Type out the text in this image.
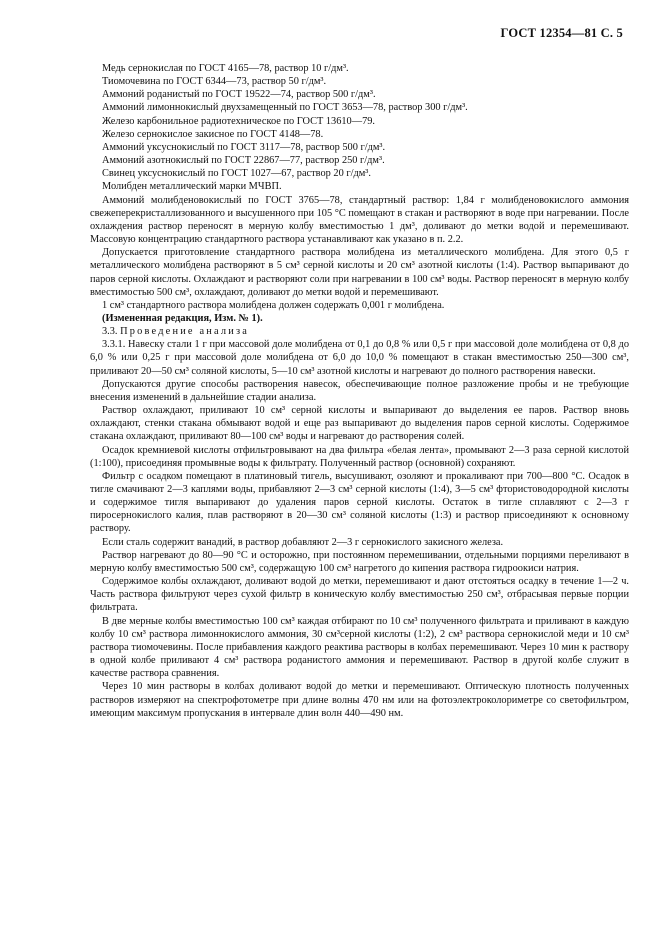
ГОСТ 12354—81 С. 5

Медь сернокислая по ГОСТ 4165—78, раствор 10 г/дм³.

Тиомочевина по ГОСТ 6344—73, раствор 50 г/дм³.

Аммоний роданистый по ГОСТ 19522—74, раствор 500 г/дм³.

Аммоний лимоннокислый двухзамещенный по ГОСТ 3653—78, раствор 300 г/дм³.

Железо карбонильное радиотехническое по ГОСТ 13610—79.

Железо сернокислое закисное по ГОСТ 4148—78.

Аммоний уксуснокислый по ГОСТ 3117—78, раствор 500 г/дм³.

Аммоний азотнокислый по ГОСТ 22867—77, раствор 250 г/дм³.

Свинец уксуснокислый по ГОСТ 1027—67, раствор 20 г/дм³.

Молибден металлический марки МЧВП.

Аммоний молибденовокислый по ГОСТ 3765—78, стандартный раствор: 1,84 г молибденовокислого аммония свежеперекристаллизованного и высушенного при 105 °С помещают в стакан и растворяют в воде при нагревании. После охлаждения раствор переносят в мерную колбу вместимостью 1 дм³, доливают до метки водой и перемешивают. Массовую концентрацию стандартного раствора устанавливают как указано в п. 2.2.

Допускается приготовление стандартного раствора молибдена из металлического молибдена. Для этого 0,5 г металлического молибдена растворяют в 5 см³ серной кислоты и 20 см³ азотной кислоты (1:4). Раствор выпаривают до паров серной кислоты. Охлаждают и растворяют соли при нагревании в 100 см³ воды. Раствор переносят в мерную колбу вместимостью 500 см³, охлаждают, доливают до метки водой и перемешивают.

1 см³ стандартного раствора молибдена должен содержать 0,001 г молибдена.

(Измененная редакция, Изм. № 1).

3.3. Проведение анализа

3.3.1. Навеску стали 1 г при массовой доле молибдена от 0,1 до 0,8 % или 0,5 г при массовой доле молибдена от 0,8 до 6,0 % или 0,25 г при массовой доле молибдена от 6,0 до 10,0 % помещают в стакан вместимостью 250—300 см³, приливают 20—50 см³ соляной кислоты, 5—10 см³ азотной кислоты и нагревают до полного растворения навески.

Допускаются другие способы растворения навесок, обеспечивающие полное разложение пробы и не требующие внесения изменений в дальнейшие стадии анализа.

Раствор охлаждают, приливают 10 см³ серной кислоты и выпаривают до выделения ее паров. Раствор вновь охлаждают, стенки стакана обмывают водой и еще раз выпаривают до выделения паров серной кислоты. Содержимое стакана охлаждают, приливают 80—100 см³ воды и нагревают до растворения солей.

Осадок кремниевой кислоты отфильтровывают на два фильтра «белая лента», промывают 2—3 раза серной кислотой (1:100), присоединяя промывные воды к фильтрату. Полученный раствор (основной) сохраняют.

Фильтр с осадком помещают в платиновый тигель, высушивают, озоляют и прокаливают при 700—800 °С. Осадок в тигле смачивают 2—3 каплями воды, прибавляют 2—3 см³ серной кислоты (1:4), 3—5 см³ фтористоводородной кислоты и содержимое тигля выпаривают до удаления паров серной кислоты. Остаток в тигле сплавляют с 2—3 г пиросернокислого калия, плав растворяют в 20—30 см³ соляной кислоты (1:3) и раствор присоединяют к основному раствору.

Если сталь содержит ванадий, в раствор добавляют 2—3 г сернокислого закисного железа.

Раствор нагревают до 80—90 °С и осторожно, при постоянном перемешивании, отдельными порциями переливают в мерную колбу вместимостью 500 см³, содержащую 100 см³ нагретого до кипения раствора гидроокиси натрия.

Содержимое колбы охлаждают, доливают водой до метки, перемешивают и дают отстояться осадку в течение 1—2 ч. Часть раствора фильтруют через сухой фильтр в коническую колбу вместимостью 250 см³, отбрасывая первые порции фильтрата.

В две мерные колбы вместимостью 100 см³ каждая отбирают по 10 см³ полученного фильтрата и приливают в каждую колбу 10 см³ раствора лимоннокислого аммония, 30 см³серной кислоты (1:2), 2 см³ раствора сернокислой меди и 10 см³ раствора тиомочевины. После прибавления каждого реактива растворы в колбах перемешивают. Через 10 мин к раствору в одной колбе приливают 4 см³ раствора роданистого аммония и перемешивают. Раствор в другой колбе служит в качестве раствора сравнения.

Через 10 мин растворы в колбах доливают водой до метки и перемешивают. Оптическую плотность полученных растворов измеряют на спектрофотометре при длине волны 470 нм или на фотоэлектроколориметре со светофильтром, имеющим максимум пропускания в интервале длин волн 440—490 нм.
